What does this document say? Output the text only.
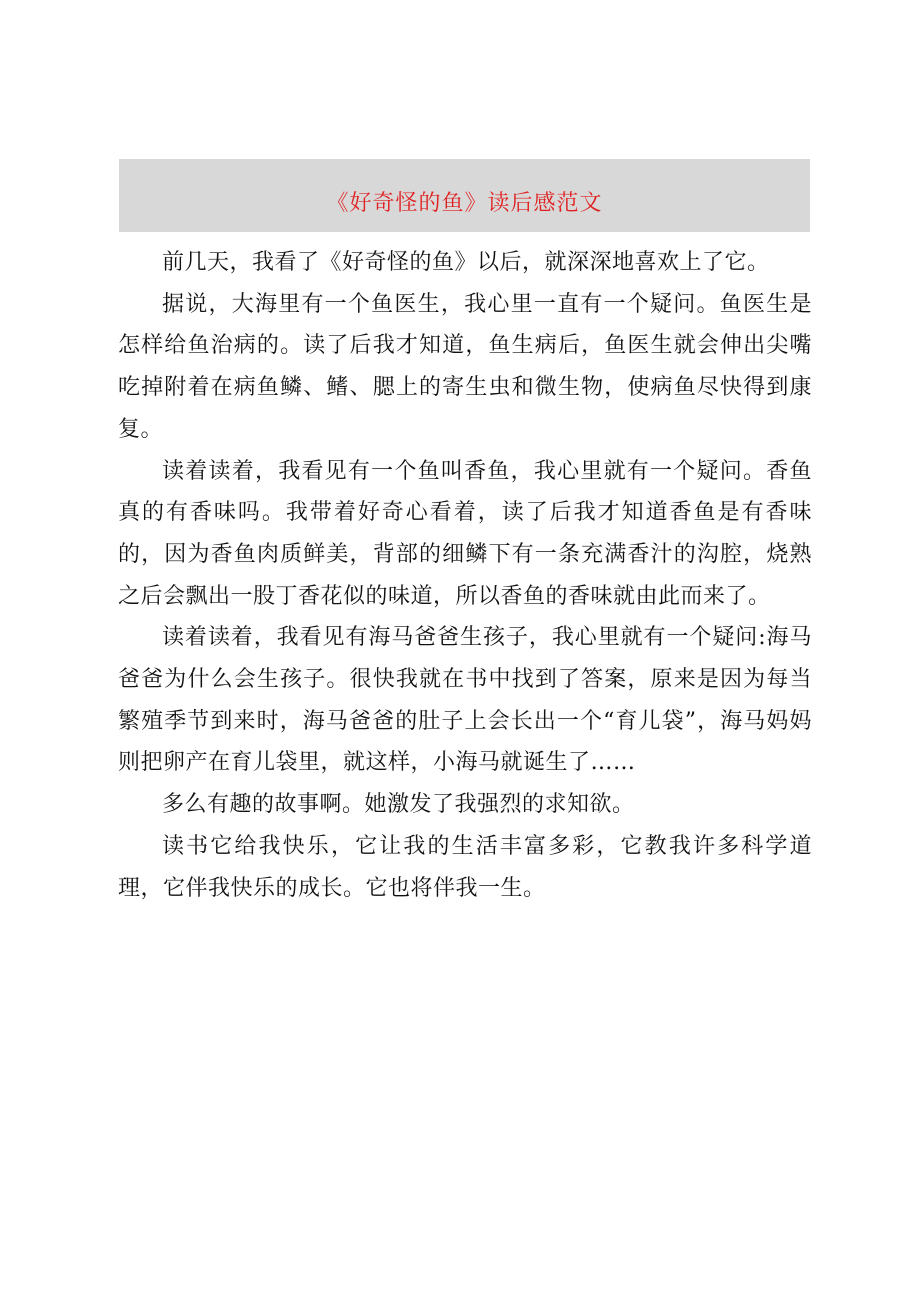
《好奇怪的鱼》读后感范文

前几天，我看了《好奇怪的鱼》以后，就深深地喜欢上了它。

据说，大海里有一个鱼医生，我心里一直有一个疑问。鱼医生是怎样给鱼治病的。读了后我才知道，鱼生病后，鱼医生就会伸出尖嘴吃掉附着在病鱼鳞、鳍、腮上的寄生虫和微生物，使病鱼尽快得到康复。

读着读着，我看见有一个鱼叫香鱼，我心里就有一个疑问。香鱼真的有香味吗。我带着好奇心看着，读了后我才知道香鱼是有香味的，因为香鱼肉质鲜美，背部的细鳞下有一条充满香汁的沟腔，烧熟之后会飘出一股丁香花似的味道，所以香鱼的香味就由此而来了。

读着读着，我看见有海马爸爸生孩子，我心里就有一个疑问:海马爸爸为什么会生孩子。很快我就在书中找到了答案，原来是因为每当繁殖季节到来时，海马爸爸的肚子上会长出一个“育儿袋”，海马妈妈则把卵产在育儿袋里，就这样，小海马就诞生了……

多么有趣的故事啊。她激发了我强烈的求知欲。

读书它给我快乐，它让我的生活丰富多彩，它教我许多科学道理，它伴我快乐的成长。它也将伴我一生。
